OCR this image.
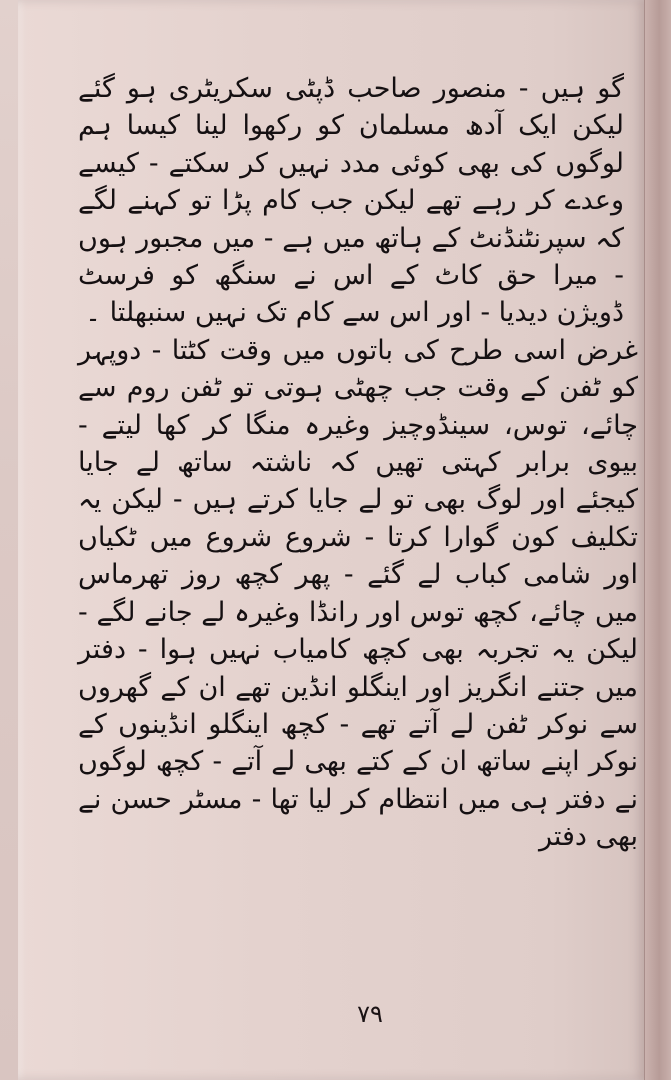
گو ہیں - منصور صاحب ڈپٹی سکریٹری ہو گئے لیکن ایک آدھ مسلمان کو رکھوا لینا کیسا ہم لوگوں کی بھی کوئی مدد نہیں کر سکتے - کیسے وعدے کر رہے تھے لیکن جب کام پڑا تو کہنے لگے کہ سپرنٹنڈنٹ کے ہاتھ میں ہے - میں مجبور ہوں - میرا حق کاٹ کے اس نے سنگھ کو فرسٹ ڈویژن دیدیا - اور اس سے کام تک نہیں سنبھلتا ۔

غرض اسی طرح کی باتوں میں وقت کٹتا - دوپہر کو ٹفن کے وقت جب چھٹی ہوتی تو ٹفن روم سے چائے، توس، سینڈوچیز وغیرہ منگا کر کھا لیتے - بیوی برابر کہتی تھیں کہ ناشتہ ساتھ لے جایا کیجئے اور لوگ بھی تو لے جایا کرتے ہیں - لیکن یہ تکلیف کون گوارا کرتا - شروع شروع میں ٹکیاں اور شامی کباب لے گئے - پھر کچھ روز تھرماس میں چائے، کچھ توس اور رانڈا وغیرہ لے جانے لگے - لیکن یہ تجربہ بھی کچھ کامیاب نہیں ہوا - دفتر میں جتنے انگریز اور اینگلو انڈین تھے ان کے گھروں سے نوکر ٹفن لے آتے تھے - کچھ اینگلو انڈینوں کے نوکر اپنے ساتھ ان کے کتے بھی لے آتے - کچھ لوگوں نے دفتر ہی میں انتظام کر لیا تھا - مسٹر حسن نے بھی دفتر

۷۹
